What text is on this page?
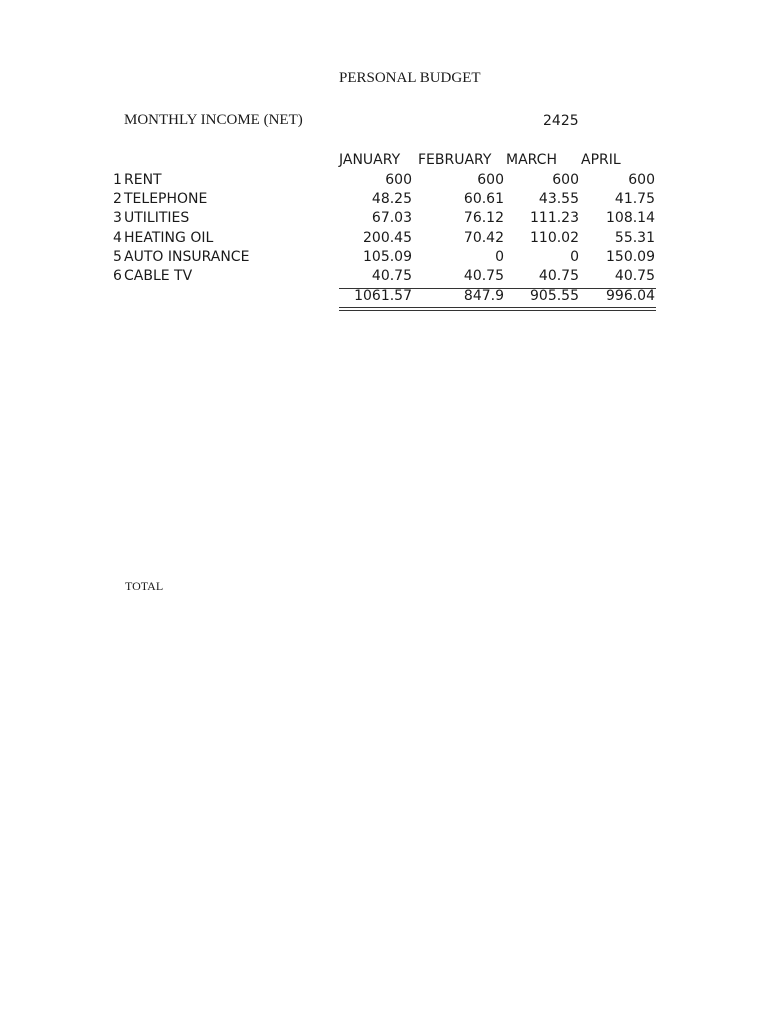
PERSONAL BUDGET
MONTHLY INCOME (NET)	2425
JANUARY FEBRUARY MARCH APRIL
1 RENT	600	600	600	600
2 TELEPHONE	48.25	60.61	43.55	41.75
3 UTILITIES	67.03	76.12	111.23	108.14
4 HEATING OIL	200.45	70.42	110.02	55.31
5 AUTO INSURANCE	105.09	0	0	150.09
6 CABLE TV	40.75	40.75	40.75	40.75
TOTAL
1061.57	847.9	905.55	996.04
